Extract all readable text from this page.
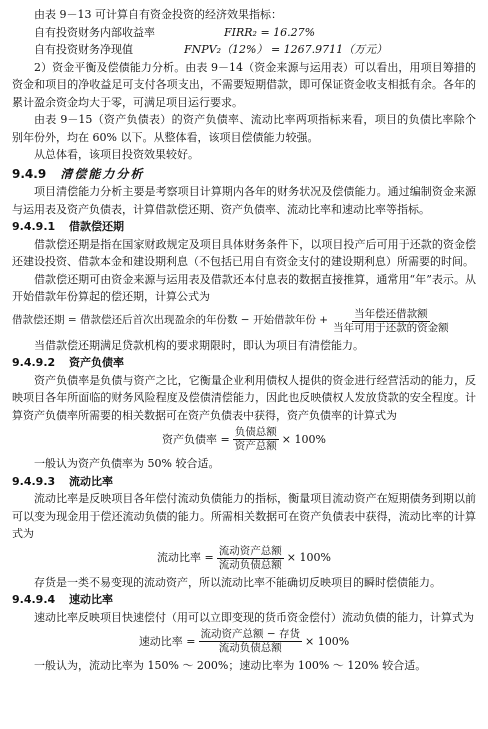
由表 9－13 可计算自有资金投资的经济效果指标：
自有投资财务内部收益率	FIRR₂ = 16.27%
自有投资财务净现值	FNPV₂（12%） = 1267.9711（万元）
2）资金平衡及偿债能力分析。由表 9－14（资金来源与运用表）可以看出，用项目筹措的资金和项目的净收益足可支付各项支出，不需要短期借款，即可保证资金收支相抵有余。各年的累计盈余资金均大于零，可满足项目运行要求。
由表 9－15（资产负债表）的资产负债率、流动比率两项指标来看，项目的负债比率除个别年份外，均在 60% 以下。从整体看，该项目偿债能力较强。
从总体看，该项目投资效果较好。
9.4.9 清偿能力分析
项目清偿能力分析主要是考察项目计算期内各年的财务状况及偿债能力。通过编制资金来源与运用表及资产负债表，计算借款偿还期、资产负债率、流动比率和速动比率等指标。
9.4.9.1 借款偿还期
借款偿还期是指在国家财政规定及项目具体财务条件下，以项目投产后可用于还款的资金偿还建设投资、借款本金和建设期利息（不包括已用自有资金支付的建设期利息）所需要的时间。
借款偿还期可由资金来源与运用表及借款还本付息表的数据直接推算，通常用“年”表示。从开始借款年份算起的偿还期，计算公式为
借款偿还期 = 借款偿还后首次出现盈余的年份数 − 开始借款年份 + $\frac{\text{当年偿还借款额}}{\text{当年可用于还款的资金额}}$
当借款偿还期满足贷款机构的要求期限时，即认为项目有清偿能力。
9.4.9.2 资产负债率
资产负债率是负债与资产之比，它衡量企业利用债权人提供的资金进行经营活动的能力，反映项目各年所面临的财务风险程度及偿债清偿能力，因此也反映债权人发放贷款的安全程度。计算资产负债率所需要的相关数据可在资产负债表中获得，资产负债率的计算式为
资产负债率 = $\frac{\text{负债总额}}{\text{资产总额}} \times 100\%$
一般认为资产负债率为 50% 较合适。
9.4.9.3 流动比率
流动比率是反映项目各年偿付流动负债能力的指标，衡量项目流动资产在短期债务到期以前可以变为现金用于偿还流动负债的能力。所需相关数据可在资产负债表中获得，流动比率的计算式为
流动比率 = $\frac{\text{流动资产总额}}{\text{流动负债总额}} \times 100\%$
存货是一类不易变现的流动资产，所以流动比率不能确切反映项目的瞬时偿债能力。
9.4.9.4 速动比率
速动比率反映项目快速偿付（用可以立即变现的货币资金偿付）流动负债的能力，计算式为
速动比率 = $\frac{\text{流动资产总额 − 存货}}{\text{流动负债总额}} \times 100\%$
一般认为，流动比率为 150% ～ 200%；速动比率为 100% ～ 120% 较合适。
